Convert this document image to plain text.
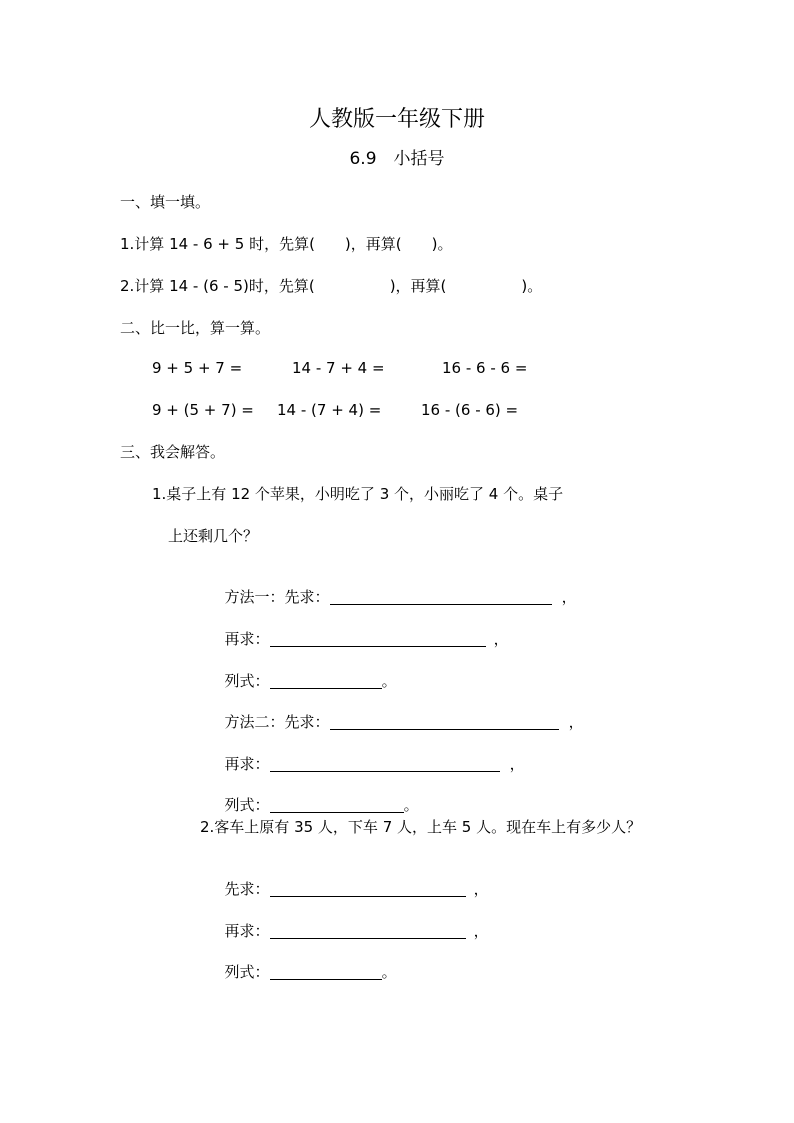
人教版一年级下册
6.9　小括号
一、填一填。
1.计算 14 - 6 + 5 时，先算(　　)，再算(　　)。
2.计算 14 - (6 - 5)时，先算(　　　　　)，再算(　　　　　)。
二、比一比，算一算。
9 + 5 + 7 =	14 - 7 + 4 =	16 - 6 - 6 =
9 + (5 + 7) = 14 - (7 + 4) =	16 - (6 - 6) =
三、我会解答。
1.桌子上有 12 个苹果，小明吃了 3 个，小丽吃了 4 个。桌子
上还剩几个？

方法一：先求：	，

再求：	，

列式：	。

方法二：先求：	，

再求：	，

列式：	。

2.客车上原有 35 人，下车 7 人，上车 5 人。现在车上有多少人？

先求：	，

再求：	，

列式：	。
